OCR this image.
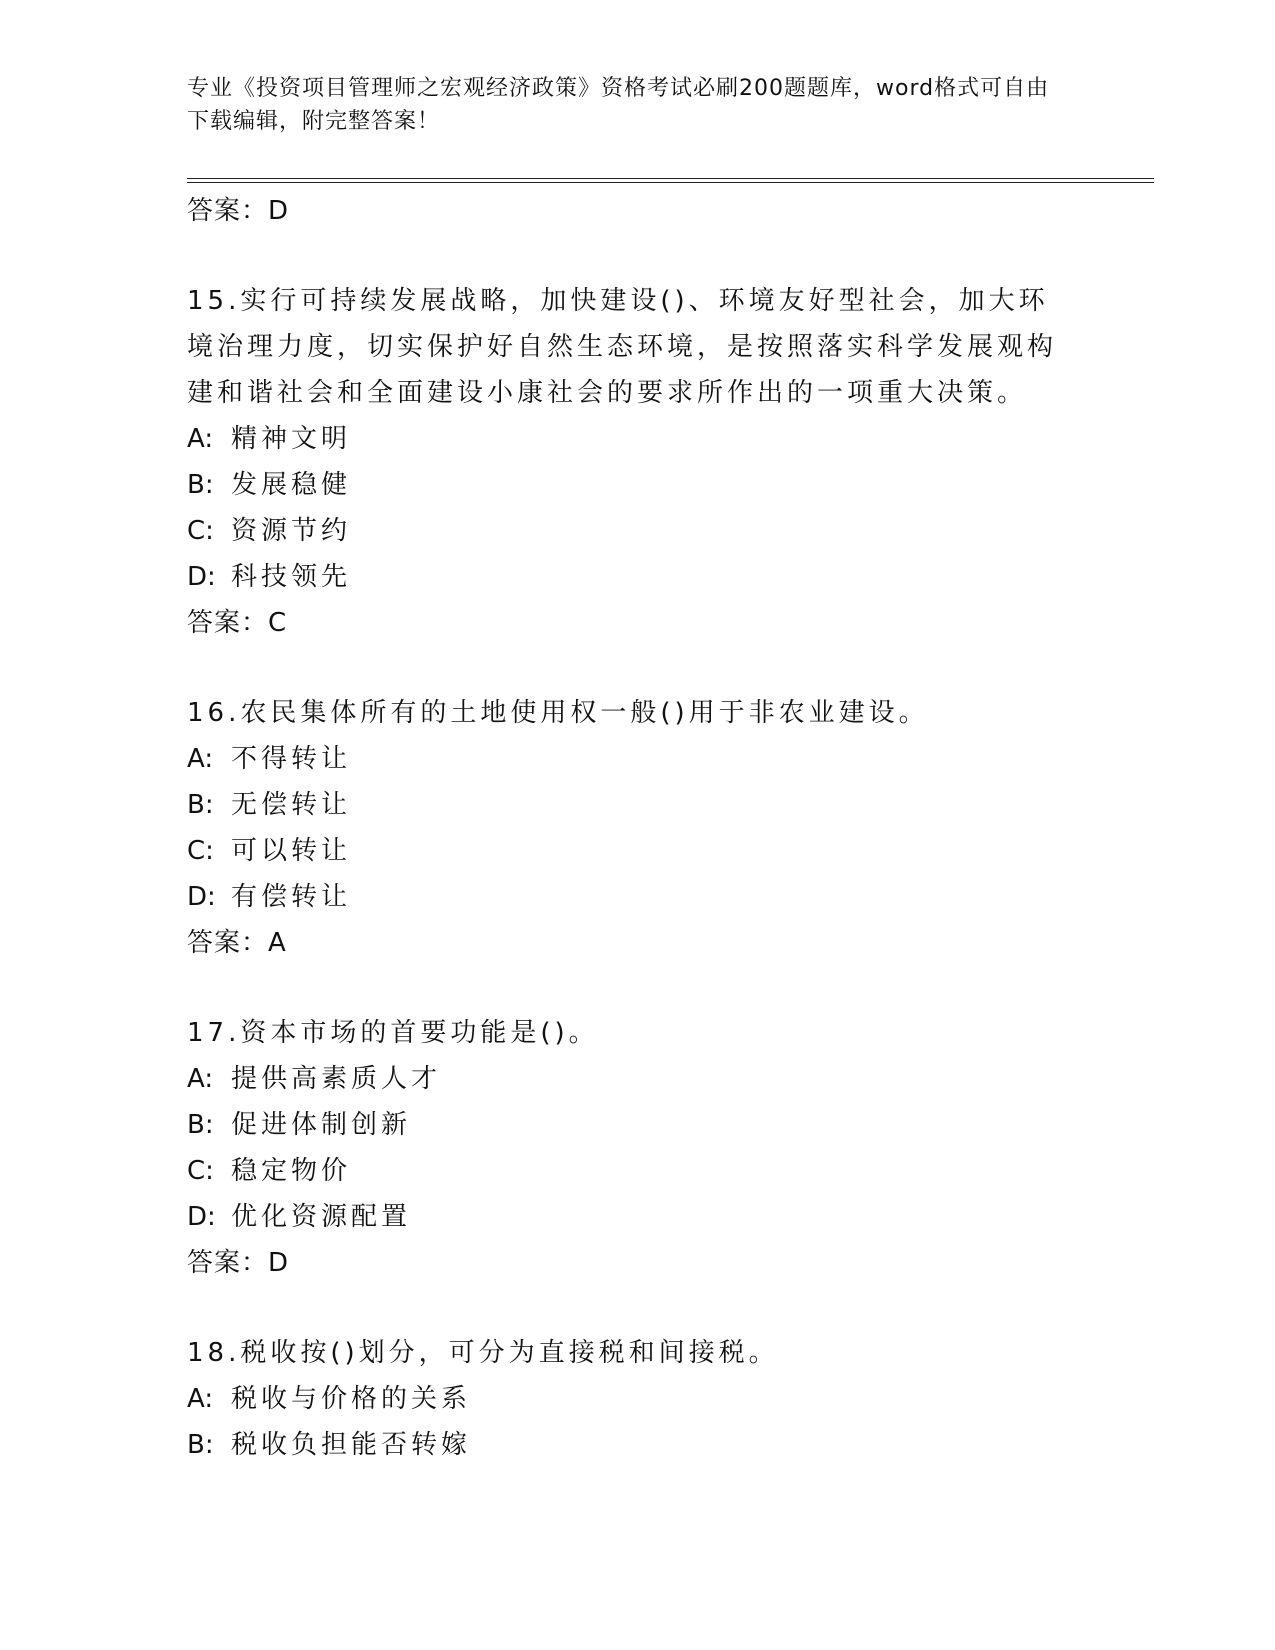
专业《投资项目管理师之宏观经济政策》资格考试必刷200题题库，word格式可自由下载编辑，附完整答案！
答案：D
15.实行可持续发展战略，加快建设()、环境友好型社会，加大环境治理力度，切实保护好自然生态环境，是按照落实科学发展观构建和谐社会和全面建设小康社会的要求所作出的一项重大决策。
A: 精神文明
B: 发展稳健
C: 资源节约
D: 科技领先
答案：C
16.农民集体所有的土地使用权一般()用于非农业建设。
A: 不得转让
B: 无偿转让
C: 可以转让
D: 有偿转让
答案：A
17.资本市场的首要功能是()。
A: 提供高素质人才
B: 促进体制创新
C: 稳定物价
D: 优化资源配置
答案：D
18.税收按()划分，可分为直接税和间接税。
A: 税收与价格的关系
B: 税收负担能否转嫁
